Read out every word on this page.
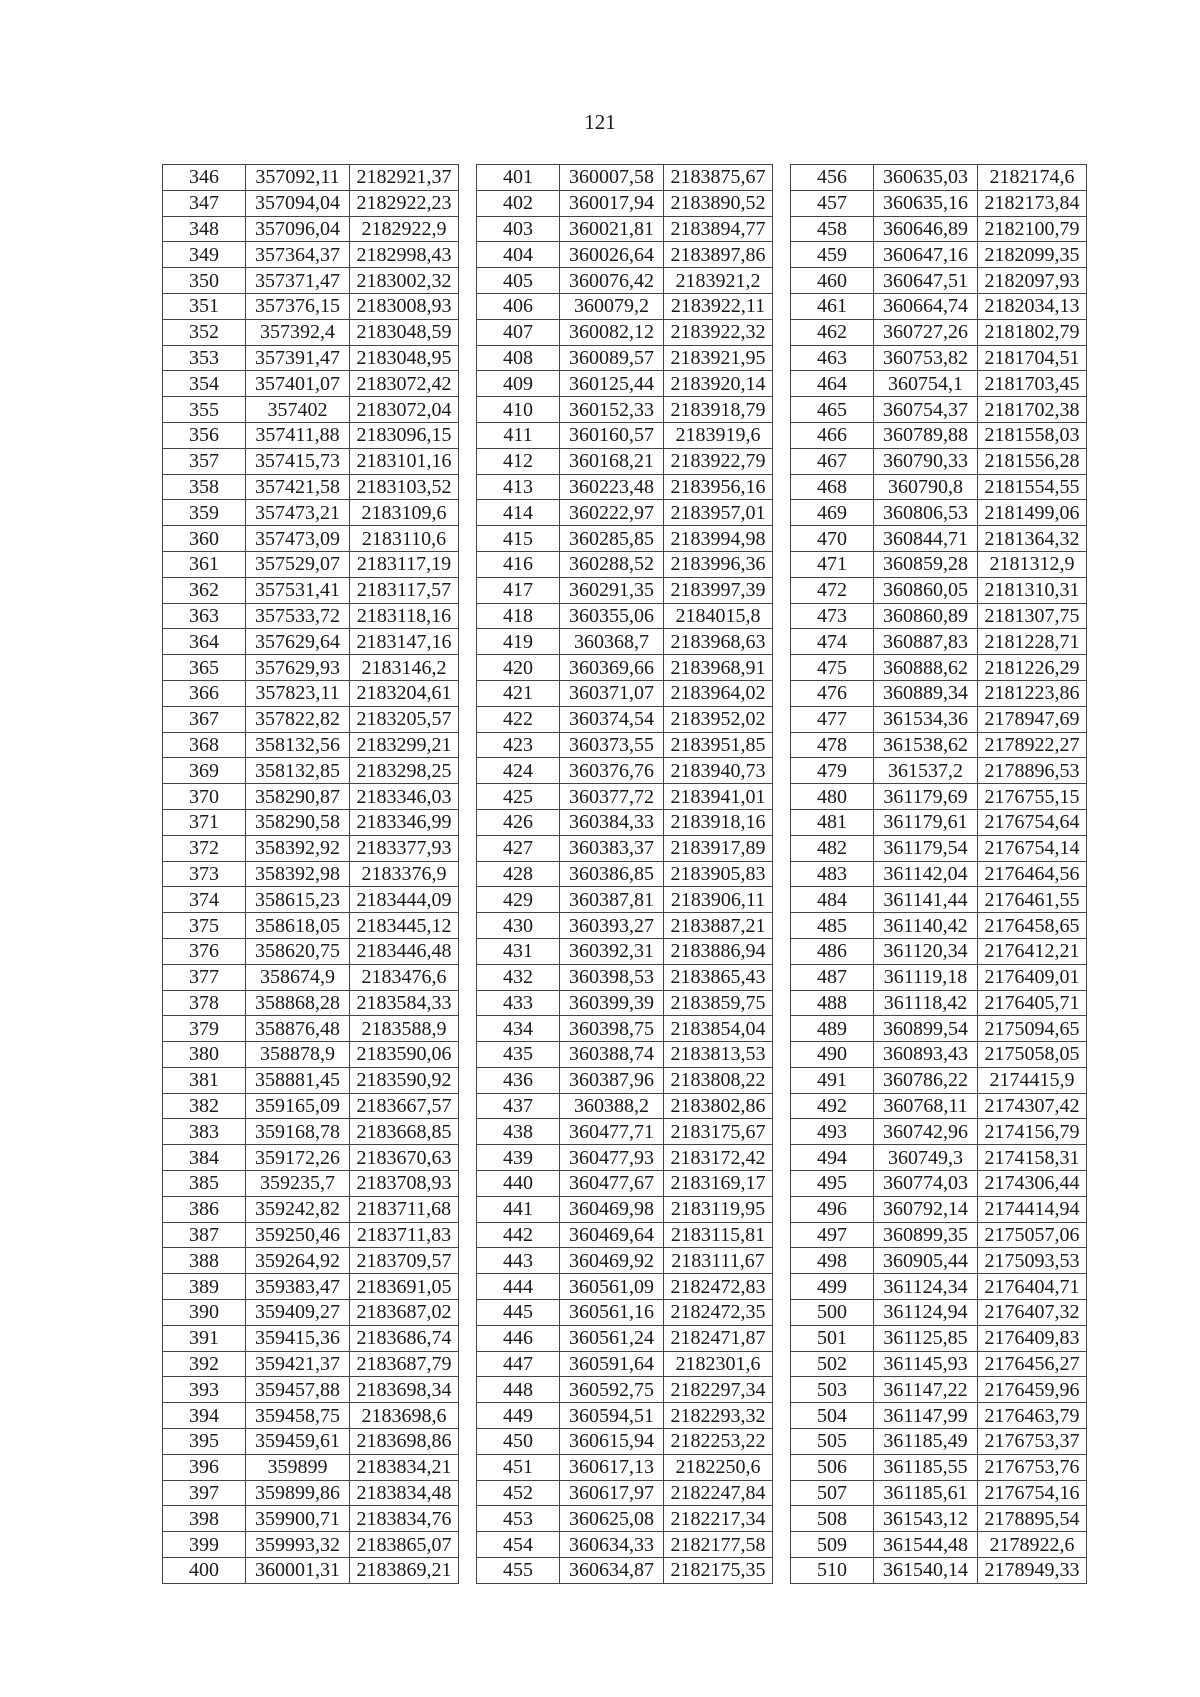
121
346	357092,11	2182921,37
347	357094,04	2182922,23
348	357096,04	2182922,9
349	357364,37	2182998,43
350	357371,47	2183002,32
351	357376,15	2183008,93
352	357392,4	2183048,59
353	357391,47	2183048,95
354	357401,07	2183072,42
355	357402	2183072,04
356	357411,88	2183096,15
357	357415,73	2183101,16
358	357421,58	2183103,52
359	357473,21	2183109,6
360	357473,09	2183110,6
361	357529,07	2183117,19
362	357531,41	2183117,57
363	357533,72	2183118,16
364	357629,64	2183147,16
365	357629,93	2183146,2
366	357823,11	2183204,61
367	357822,82	2183205,57
368	358132,56	2183299,21
369	358132,85	2183298,25
370	358290,87	2183346,03
371	358290,58	2183346,99
372	358392,92	2183377,93
373	358392,98	2183376,9
374	358615,23	2183444,09
375	358618,05	2183445,12
376	358620,75	2183446,48
377	358674,9	2183476,6
378	358868,28	2183584,33
379	358876,48	2183588,9
380	358878,9	2183590,06
381	358881,45	2183590,92
382	359165,09	2183667,57
383	359168,78	2183668,85
384	359172,26	2183670,63
385	359235,7	2183708,93
386	359242,82	2183711,68
387	359250,46	2183711,83
388	359264,92	2183709,57
389	359383,47	2183691,05
390	359409,27	2183687,02
391	359415,36	2183686,74
392	359421,37	2183687,79
393	359457,88	2183698,34
394	359458,75	2183698,6
395	359459,61	2183698,86
396	359899	2183834,21
397	359899,86	2183834,48
398	359900,71	2183834,76
399	359993,32	2183865,07
400	360001,31	2183869,21
401	360007,58	2183875,67
402	360017,94	2183890,52
403	360021,81	2183894,77
404	360026,64	2183897,86
405	360076,42	2183921,2
406	360079,2	2183922,11
407	360082,12	2183922,32
408	360089,57	2183921,95
409	360125,44	2183920,14
410	360152,33	2183918,79
411	360160,57	2183919,6
412	360168,21	2183922,79
413	360223,48	2183956,16
414	360222,97	2183957,01
415	360285,85	2183994,98
416	360288,52	2183996,36
417	360291,35	2183997,39
418	360355,06	2184015,8
419	360368,7	2183968,63
420	360369,66	2183968,91
421	360371,07	2183964,02
422	360374,54	2183952,02
423	360373,55	2183951,85
424	360376,76	2183940,73
425	360377,72	2183941,01
426	360384,33	2183918,16
427	360383,37	2183917,89
428	360386,85	2183905,83
429	360387,81	2183906,11
430	360393,27	2183887,21
431	360392,31	2183886,94
432	360398,53	2183865,43
433	360399,39	2183859,75
434	360398,75	2183854,04
435	360388,74	2183813,53
436	360387,96	2183808,22
437	360388,2	2183802,86
438	360477,71	2183175,67
439	360477,93	2183172,42
440	360477,67	2183169,17
441	360469,98	2183119,95
442	360469,64	2183115,81
443	360469,92	2183111,67
444	360561,09	2182472,83
445	360561,16	2182472,35
446	360561,24	2182471,87
447	360591,64	2182301,6
448	360592,75	2182297,34
449	360594,51	2182293,32
450	360615,94	2182253,22
451	360617,13	2182250,6
452	360617,97	2182247,84
453	360625,08	2182217,34
454	360634,33	2182177,58
455	360634,87	2182175,35
456	360635,03	2182174,6
457	360635,16	2182173,84
458	360646,89	2182100,79
459	360647,16	2182099,35
460	360647,51	2182097,93
461	360664,74	2182034,13
462	360727,26	2181802,79
463	360753,82	2181704,51
464	360754,1	2181703,45
465	360754,37	2181702,38
466	360789,88	2181558,03
467	360790,33	2181556,28
468	360790,8	2181554,55
469	360806,53	2181499,06
470	360844,71	2181364,32
471	360859,28	2181312,9
472	360860,05	2181310,31
473	360860,89	2181307,75
474	360887,83	2181228,71
475	360888,62	2181226,29
476	360889,34	2181223,86
477	361534,36	2178947,69
478	361538,62	2178922,27
479	361537,2	2178896,53
480	361179,69	2176755,15
481	361179,61	2176754,64
482	361179,54	2176754,14
483	361142,04	2176464,56
484	361141,44	2176461,55
485	361140,42	2176458,65
486	361120,34	2176412,21
487	361119,18	2176409,01
488	361118,42	2176405,71
489	360899,54	2175094,65
490	360893,43	2175058,05
491	360786,22	2174415,9
492	360768,11	2174307,42
493	360742,96	2174156,79
494	360749,3	2174158,31
495	360774,03	2174306,44
496	360792,14	2174414,94
497	360899,35	2175057,06
498	360905,44	2175093,53
499	361124,34	2176404,71
500	361124,94	2176407,32
501	361125,85	2176409,83
502	361145,93	2176456,27
503	361147,22	2176459,96
504	361147,99	2176463,79
505	361185,49	2176753,37
506	361185,55	2176753,76
507	361185,61	2176754,16
508	361543,12	2178895,54
509	361544,48	2178922,6
510	361540,14	2178949,33
